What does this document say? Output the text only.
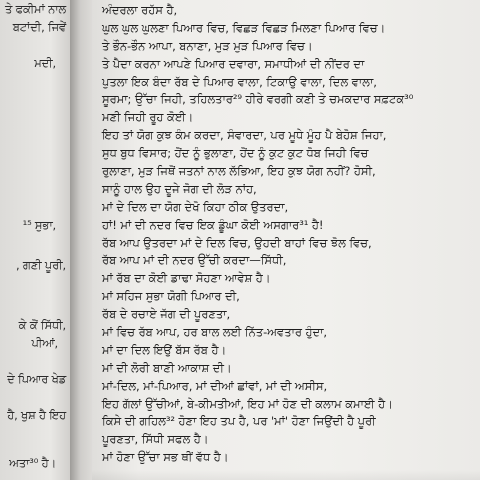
ਤੇ ਫਕੀਮਾਂ ਨਾਲ
ਬਟਾਂਦੀ, ਜਿਵੇਂ
ਮਦੀ,
¹⁵ ਸੁਭਾ,
, ਗਣੀ ਪੂਰੀ,
ਕੇ ਕੋਂ ਸਿੱਧੀ,
ਪੀਆਂ,
ਦੇ ਪਿਆਰ ਖੇਡ
ਹੈ, ਖੁਸ਼ ਹੈ ਇਹ
ਅਤਾ³⁰ ਹੈ।
ਅੰਦਰਲਾ ਰਹੱਸ ਹੈ,
ਘੁਲ ਘੁਲ ਘੁਲਣਾ ਪਿਆਰ ਵਿਚ, ਵਿਛੜ ਵਿਛੜ ਮਿਲਣਾ ਪਿਆਰ ਵਿਚ।
ਤੇ ਭੌਨ-ਭੌਨ ਆਪਾ, ਬਨਾਣਾ, ਮੁੜ ਮੁੜ ਪਿਆਰ ਵਿਚ।
ਤੇ ਪੈਦਾ ਕਰਨਾ ਆਪਣੇ ਪਿਆਰ ਦਵਾਰਾ, ਸਮਾਧੀਆਂ ਦੀ ਨੀਂਦਰ ਦਾ
ਪੁਤਲਾ ਇਕ ਬੰਦਾ ਰੱਬ ਦੇ ਪਿਆਰ ਵਾਲਾ, ਟਿਕਾਉ ਵਾਲਾ, ਦਿਲ ਵਾਲਾ,
ਸੂਰਮਾ; ਉੱਚਾ ਜਿਹੀ, ਤਹਿਲਤਾਰ²⁹ ਹੀਰੇ ਵਰਗੀ ਕਣੀ ਤੇ ਚਮਕਦਾਰ ਸਫ਼ਟਕ³⁰
ਮਣੀ ਜਿਹੀ ਰੂਹ ਕੋਈ।
ਇਹ ਤਾਂ ਯੋਗ ਕੁਝ ਕੰਮ ਕਰਦਾ, ਸੰਵਾਰਦਾ, ਪਰ ਮੂਧੇ ਮੂੰਹ ਪੈ ਬੇਹੋਸ਼ ਜਿਹਾ,
ਸੁਧ ਬੁਧ ਵਿਸਾਰ; ਹੋਂਦ ਨੂੰ ਭੁਲਾਣਾ, ਹੋਂਦ ਨੂੰ ਕੁਟ ਕੁਟ ਧੋਬ ਜਿਹੀ ਵਿਚ
ਰੁਲਾਣਾ, ਮੁੜ ਜਿਥੋਂ ਜਤਨਾਂ ਨਾਲ ਲੱਭਿਆ, ਇਹ ਕੁਝ ਯੋਗ ਨਹੀਂ? ਹੋਸੀ,
ਸਾਨੂੰ ਹਾਲ ਉਹ ਦੂਜੇ ਜੋਗ ਦੀ ਲੋੜ ਨਾਂਹ,
ਮਾਂ ਦੇ ਦਿਲ ਦਾ ਯੋਗ ਦੇਖੋ ਕਿਹਾ ਠੀਕ ਉਤਰਦਾ,
ਹਾਂ! ਮਾਂ ਦੀ ਨਦਰ ਵਿਚ ਇਕ ਡੂੰਘਾ ਕੋਈ ਅਸਗਾਰ³¹ ਹੈ!
ਰੱਬ ਆਪ ਉਤਰਦਾ ਮਾਂ ਦੇ ਦਿਲ ਵਿਚ, ਉਹਦੀ ਬਾਹਾਂ ਵਿਚ ਝੋਲ ਵਿਚ,
ਰੱਬ ਆਪ ਮਾਂ ਦੀ ਨਦਰ ਉੱਚੀ ਕਰਦਾ—ਸਿੱਧੀ,
ਮਾਂ ਰੱਬ ਦਾ ਕੋਈ ਡਾਢਾ ਸੋਹਣਾ ਆਵੇਸ਼ ਹੈ।
ਮਾਂ ਸਹਿਜ ਸੁਭਾ ਯੋਗੀ ਪਿਆਰ ਦੀ,
ਰੱਬ ਦੇ ਰਚਾਏ ਜੱਗ ਦੀ ਪੂਰਣਤਾ,
ਮਾਂ ਵਿਚ ਰੱਬ ਆਪ, ਹਰ ਬਾਲ ਲਈ ਨਿੱਤ-ਅਵਤਾਰ ਹੁੰਦਾ,
ਮਾਂ ਦਾ ਦਿਲ ਇਉਂ ਬੱਸ ਰੱਬ ਹੈ।
ਮਾਂ ਦੀ ਲੋਰੀ ਬਾਣੀ ਆਕਾਸ਼ ਦੀ।
ਮਾਂ-ਦਿਲ, ਮਾਂ-ਪਿਆਰ, ਮਾਂ ਦੀਆਂ ਛਾਂਵਾਂ, ਮਾਂ ਦੀ ਅਸੀਸ,
ਇਹ ਗੱਲਾਂ ਉੱਚੀਆਂ, ਬੇ-ਕੀਮਤੀਆਂ, ਇਹ ਮਾਂ ਹੋਣ ਦੀ ਕਲਾਮ ਕਮਾਈ ਹੈ।
ਕਿਸੇ ਦੀ ਗਹਿਲ³² ਹੋਣਾ ਇਹ ਤਪ ਹੈ, ਪਰ 'ਮਾਂ' ਹੋਣਾ ਜਿਉਂਦੀ ਹੈ ਪੂਰੀ
ਪੂਰਣਤਾ, ਸਿੱਧੀ ਸਫਲ ਹੈ।
ਮਾਂ ਹੋਣਾ ਉੱਚਾ ਸਭ ਥੀਂ ਵੱਧ ਹੈ।
